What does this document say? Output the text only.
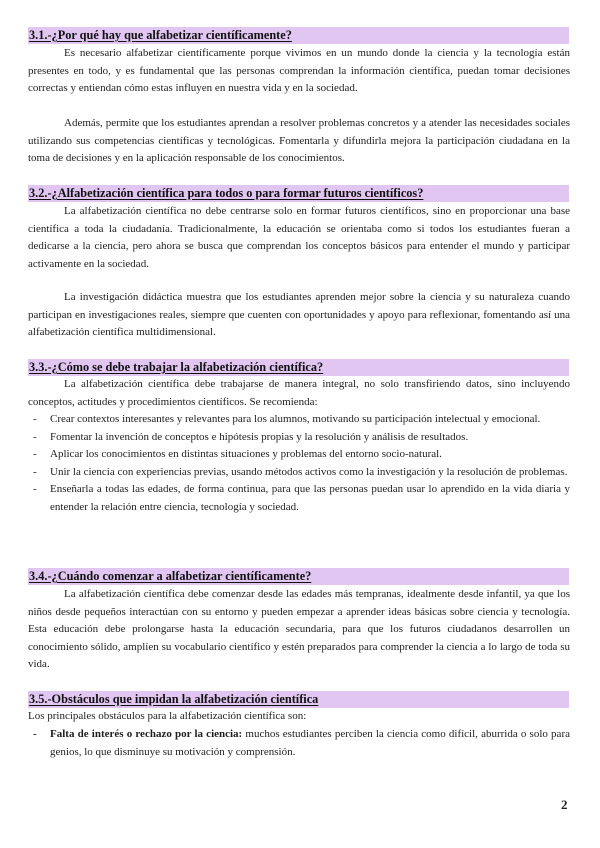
3.1.-¿Por qué hay que alfabetizar científicamente?

Es necesario alfabetizar científicamente porque vivimos en un mundo donde la ciencia y la tecnología están presentes en todo, y es fundamental que las personas comprendan la información científica, puedan tomar decisiones correctas y entiendan cómo estas influyen en nuestra vida y en la sociedad.

Además, permite que los estudiantes aprendan a resolver problemas concretos y a atender las necesidades sociales utilizando sus competencias científicas y tecnológicas. Fomentarla y difundirla mejora la participación ciudadana en la toma de decisiones y en la aplicación responsable de los conocimientos.

3.2.-¿Alfabetización científica para todos o para formar futuros científicos?

La alfabetización científica no debe centrarse solo en formar futuros científicos, sino en proporcionar una base científica a toda la ciudadanía. Tradicionalmente, la educación se orientaba como si todos los estudiantes fueran a dedicarse a la ciencia, pero ahora se busca que comprendan los conceptos básicos para entender el mundo y participar activamente en la sociedad.

La investigación didáctica muestra que los estudiantes aprenden mejor sobre la ciencia y su naturaleza cuando participan en investigaciones reales, siempre que cuenten con oportunidades y apoyo para reflexionar, fomentando así una alfabetización científica multidimensional.

3.3.-¿Cómo se debe trabajar la alfabetización científica?

La alfabetización científica debe trabajarse de manera integral, no solo transfiriendo datos, sino incluyendo conceptos, actitudes y procedimientos científicos. Se recomienda:

- Crear contextos interesantes y relevantes para los alumnos, motivando su participación intelectual y emocional.
- Fomentar la invención de conceptos e hipótesis propias y la resolución y análisis de resultados.
- Aplicar los conocimientos en distintas situaciones y problemas del entorno socio-natural.
- Unir la ciencia con experiencias previas, usando métodos activos como la investigación y la resolución de problemas.
- Enseñarla a todas las edades, de forma continua, para que las personas puedan usar lo aprendido en la vida diaria y entender la relación entre ciencia, tecnología y sociedad.
3.4.-¿Cuándo comenzar a alfabetizar científicamente?

La alfabetización científica debe comenzar desde las edades más tempranas, idealmente desde infantil, ya que los niños desde pequeños interactúan con su entorno y pueden empezar a aprender ideas básicas sobre ciencia y tecnología. Esta educación debe prolongarse hasta la educación secundaria, para que los futuros ciudadanos desarrollen un conocimiento sólido, amplíen su vocabulario científico y estén preparados para comprender la ciencia a lo largo de toda su vida.

3.5.-Obstáculos que impidan la alfabetización científica

Los principales obstáculos para la alfabetización científica son:

- Falta de interés o rechazo por la ciencia: muchos estudiantes perciben la ciencia como difícil, aburrida o solo para genios, lo que disminuye su motivación y comprensión.
2
